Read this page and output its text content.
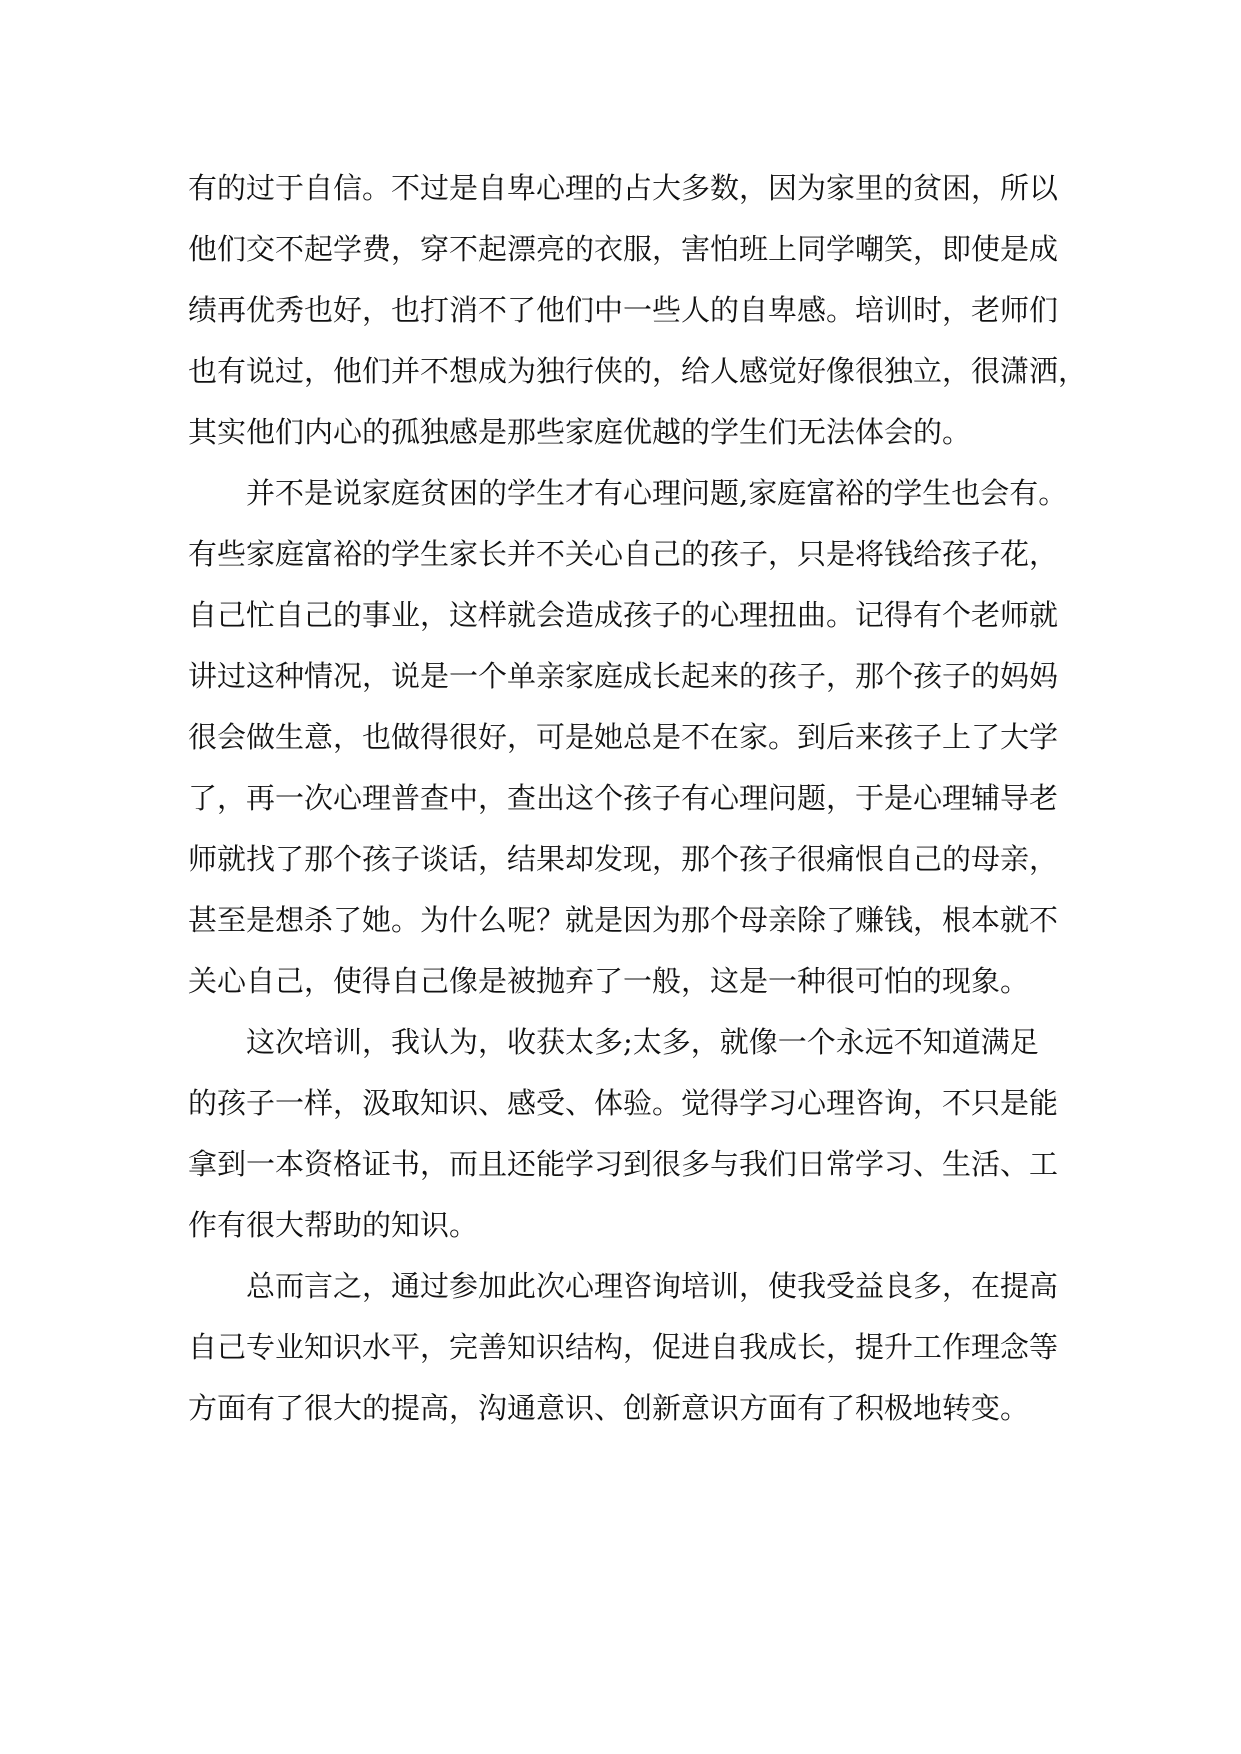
有的过于自信。不过是自卑心理的占大多数，因为家里的贫困，所以
他们交不起学费，穿不起漂亮的衣服，害怕班上同学嘲笑，即使是成
绩再优秀也好，也打消不了他们中一些人的自卑感。培训时，老师们
也有说过，他们并不想成为独行侠的，给人感觉好像很独立，很潇洒，
其实他们内心的孤独感是那些家庭优越的学生们无法体会的。

并不是说家庭贫困的学生才有心理问题,家庭富裕的学生也会有。
有些家庭富裕的学生家长并不关心自己的孩子，只是将钱给孩子花，
自己忙自己的事业，这样就会造成孩子的心理扭曲。记得有个老师就
讲过这种情况，说是一个单亲家庭成长起来的孩子，那个孩子的妈妈
很会做生意，也做得很好，可是她总是不在家。到后来孩子上了大学
了，再一次心理普查中，查出这个孩子有心理问题，于是心理辅导老
师就找了那个孩子谈话，结果却发现，那个孩子很痛恨自己的母亲，
甚至是想杀了她。为什么呢？就是因为那个母亲除了赚钱，根本就不
关心自己，使得自己像是被抛弃了一般，这是一种很可怕的现象。

这次培训，我认为，收获太多;太多，就像一个永远不知道满足
的孩子一样，汲取知识、感受、体验。觉得学习心理咨询，不只是能
拿到一本资格证书，而且还能学习到很多与我们日常学习、生活、工
作有很大帮助的知识。

总而言之，通过参加此次心理咨询培训，使我受益良多，在提高
自己专业知识水平，完善知识结构，促进自我成长，提升工作理念等
方面有了很大的提高，沟通意识、创新意识方面有了积极地转变。
